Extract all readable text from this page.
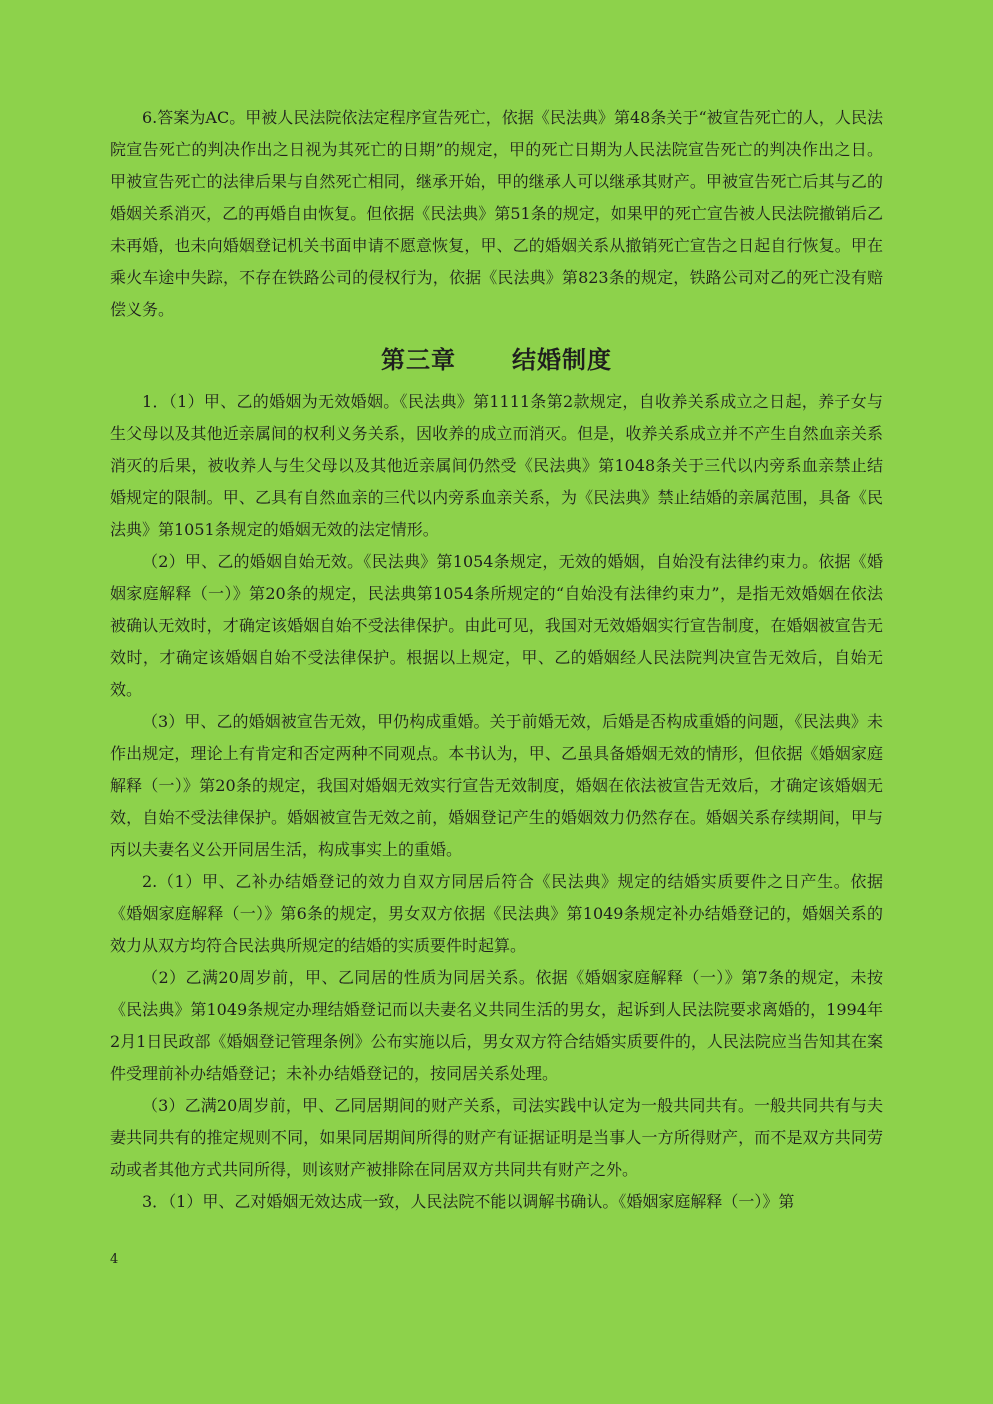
6.答案为AC。甲被人民法院依法定程序宣告死亡，依据《民法典》第48条关于“被宣告死亡的人，人民法院宣告死亡的判决作出之日视为其死亡的日期”的规定，甲的死亡日期为人民法院宣告死亡的判决作出之日。甲被宣告死亡的法律后果与自然死亡相同，继承开始，甲的继承人可以继承其财产。甲被宣告死亡后其与乙的婚姻关系消灭，乙的再婚自由恢复。但依据《民法典》第51条的规定，如果甲的死亡宣告被人民法院撤销后乙未再婚，也未向婚姻登记机关书面申请不愿意恢复，甲、乙的婚姻关系从撤销死亡宣告之日起自行恢复。甲在乘火车途中失踪，不存在铁路公司的侵权行为，依据《民法典》第823条的规定，铁路公司对乙的死亡没有赔偿义务。

第三章 结婚制度

1．（1）甲、乙的婚姻为无效婚姻。《民法典》第1111条第2款规定，自收养关系成立之日起，养子女与生父母以及其他近亲属间的权利义务关系，因收养的成立而消灭。但是，收养关系成立并不产生自然血亲关系消灭的后果，被收养人与生父母以及其他近亲属间仍然受《民法典》第1048条关于三代以内旁系血亲禁止结婚规定的限制。甲、乙具有自然血亲的三代以内旁系血亲关系，为《民法典》禁止结婚的亲属范围，具备《民法典》第1051条规定的婚姻无效的法定情形。

（2）甲、乙的婚姻自始无效。《民法典》第1054条规定，无效的婚姻，自始没有法律约束力。依据《婚姻家庭解释（一）》第20条的规定，民法典第1054条所规定的“自始没有法律约束力”，是指无效婚姻在依法被确认无效时，才确定该婚姻自始不受法律保护。由此可见，我国对无效婚姻实行宣告制度，在婚姻被宣告无效时，才确定该婚姻自始不受法律保护。根据以上规定，甲、乙的婚姻经人民法院判决宣告无效后，自始无效。

（3）甲、乙的婚姻被宣告无效，甲仍构成重婚。关于前婚无效，后婚是否构成重婚的问题，《民法典》未作出规定，理论上有肯定和否定两种不同观点。本书认为，甲、乙虽具备婚姻无效的情形，但依据《婚姻家庭解释（一）》第20条的规定，我国对婚姻无效实行宣告无效制度，婚姻在依法被宣告无效后，才确定该婚姻无效，自始不受法律保护。婚姻被宣告无效之前，婚姻登记产生的婚姻效力仍然存在。婚姻关系存续期间，甲与丙以夫妻名义公开同居生活，构成事实上的重婚。

2.（1）甲、乙补办结婚登记的效力自双方同居后符合《民法典》规定的结婚实质要件之日产生。依据《婚姻家庭解释（一）》第6条的规定，男女双方依据《民法典》第1049条规定补办结婚登记的，婚姻关系的效力从双方均符合民法典所规定的结婚的实质要件时起算。

（2）乙满20周岁前，甲、乙同居的性质为同居关系。依据《婚姻家庭解释（一）》第7条的规定，未按《民法典》第1049条规定办理结婚登记而以夫妻名义共同生活的男女，起诉到人民法院要求离婚的，1994年2月1日民政部《婚姻登记管理条例》公布实施以后，男女双方符合结婚实质要件的，人民法院应当告知其在案件受理前补办结婚登记；未补办结婚登记的，按同居关系处理。

（3）乙满20周岁前，甲、乙同居期间的财产关系，司法实践中认定为一般共同共有。一般共同共有与夫妻共同共有的推定规则不同，如果同居期间所得的财产有证据证明是当事人一方所得财产，而不是双方共同劳动或者其他方式共同所得，则该财产被排除在同居双方共同共有财产之外。

3．（1）甲、乙对婚姻无效达成一致，人民法院不能以调解书确认。《婚姻家庭解释（一）》第

4
